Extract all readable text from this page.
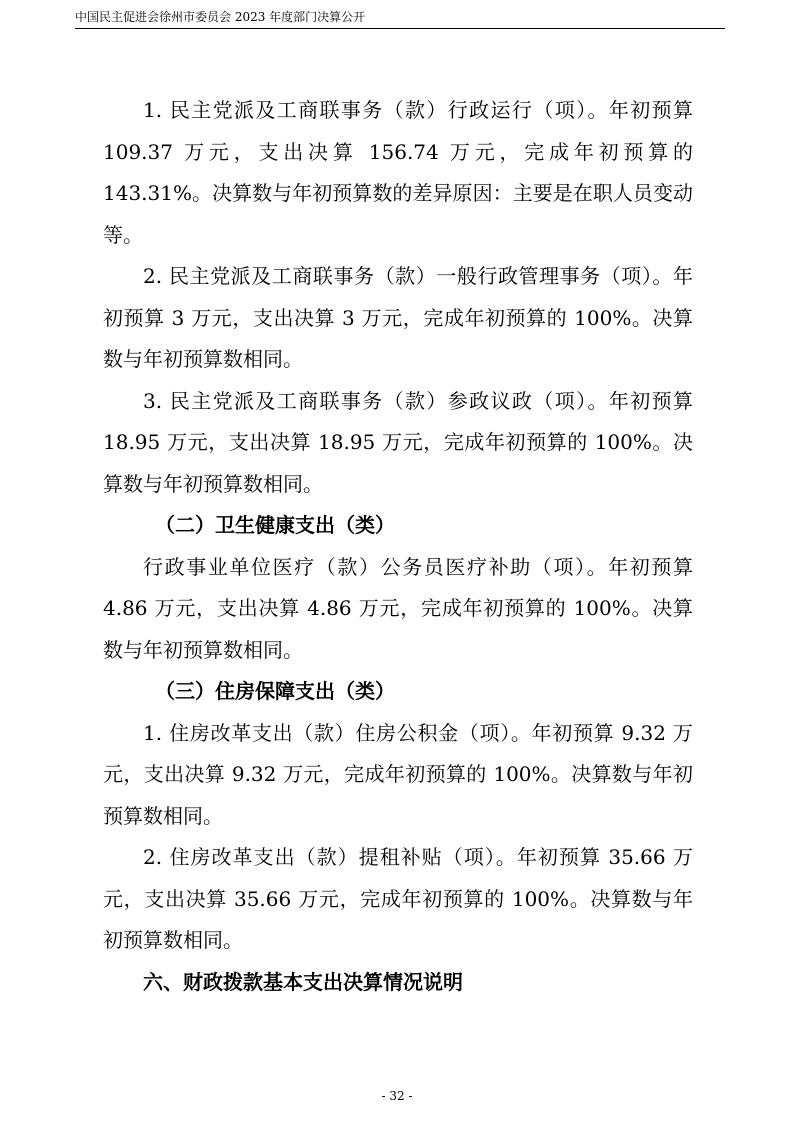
中国民主促进会徐州市委员会 2023 年度部门决算公开

1. 民主党派及工商联事务（款）行政运行（项）。年初预算 109.37 万元，支出决算 156.74 万元，完成年初预算的 143.31%。决算数与年初预算数的差异原因：主要是在职人员变动等。

2. 民主党派及工商联事务（款）一般行政管理事务（项）。年初预算 3 万元，支出决算 3 万元，完成年初预算的 100%。决算数与年初预算数相同。

3. 民主党派及工商联事务（款）参政议政（项）。年初预算 18.95 万元，支出决算 18.95 万元，完成年初预算的 100%。决算数与年初预算数相同。

（二）卫生健康支出（类）

行政事业单位医疗（款）公务员医疗补助（项）。年初预算 4.86 万元，支出决算 4.86 万元，完成年初预算的 100%。决算数与年初预算数相同。

（三）住房保障支出（类）

1. 住房改革支出（款）住房公积金（项）。年初预算 9.32 万元，支出决算 9.32 万元，完成年初预算的 100%。决算数与年初预算数相同。

2. 住房改革支出（款）提租补贴（项）。年初预算 35.66 万元，支出决算 35.66 万元，完成年初预算的 100%。决算数与年初预算数相同。

六、财政拨款基本支出决算情况说明

- 32 -
